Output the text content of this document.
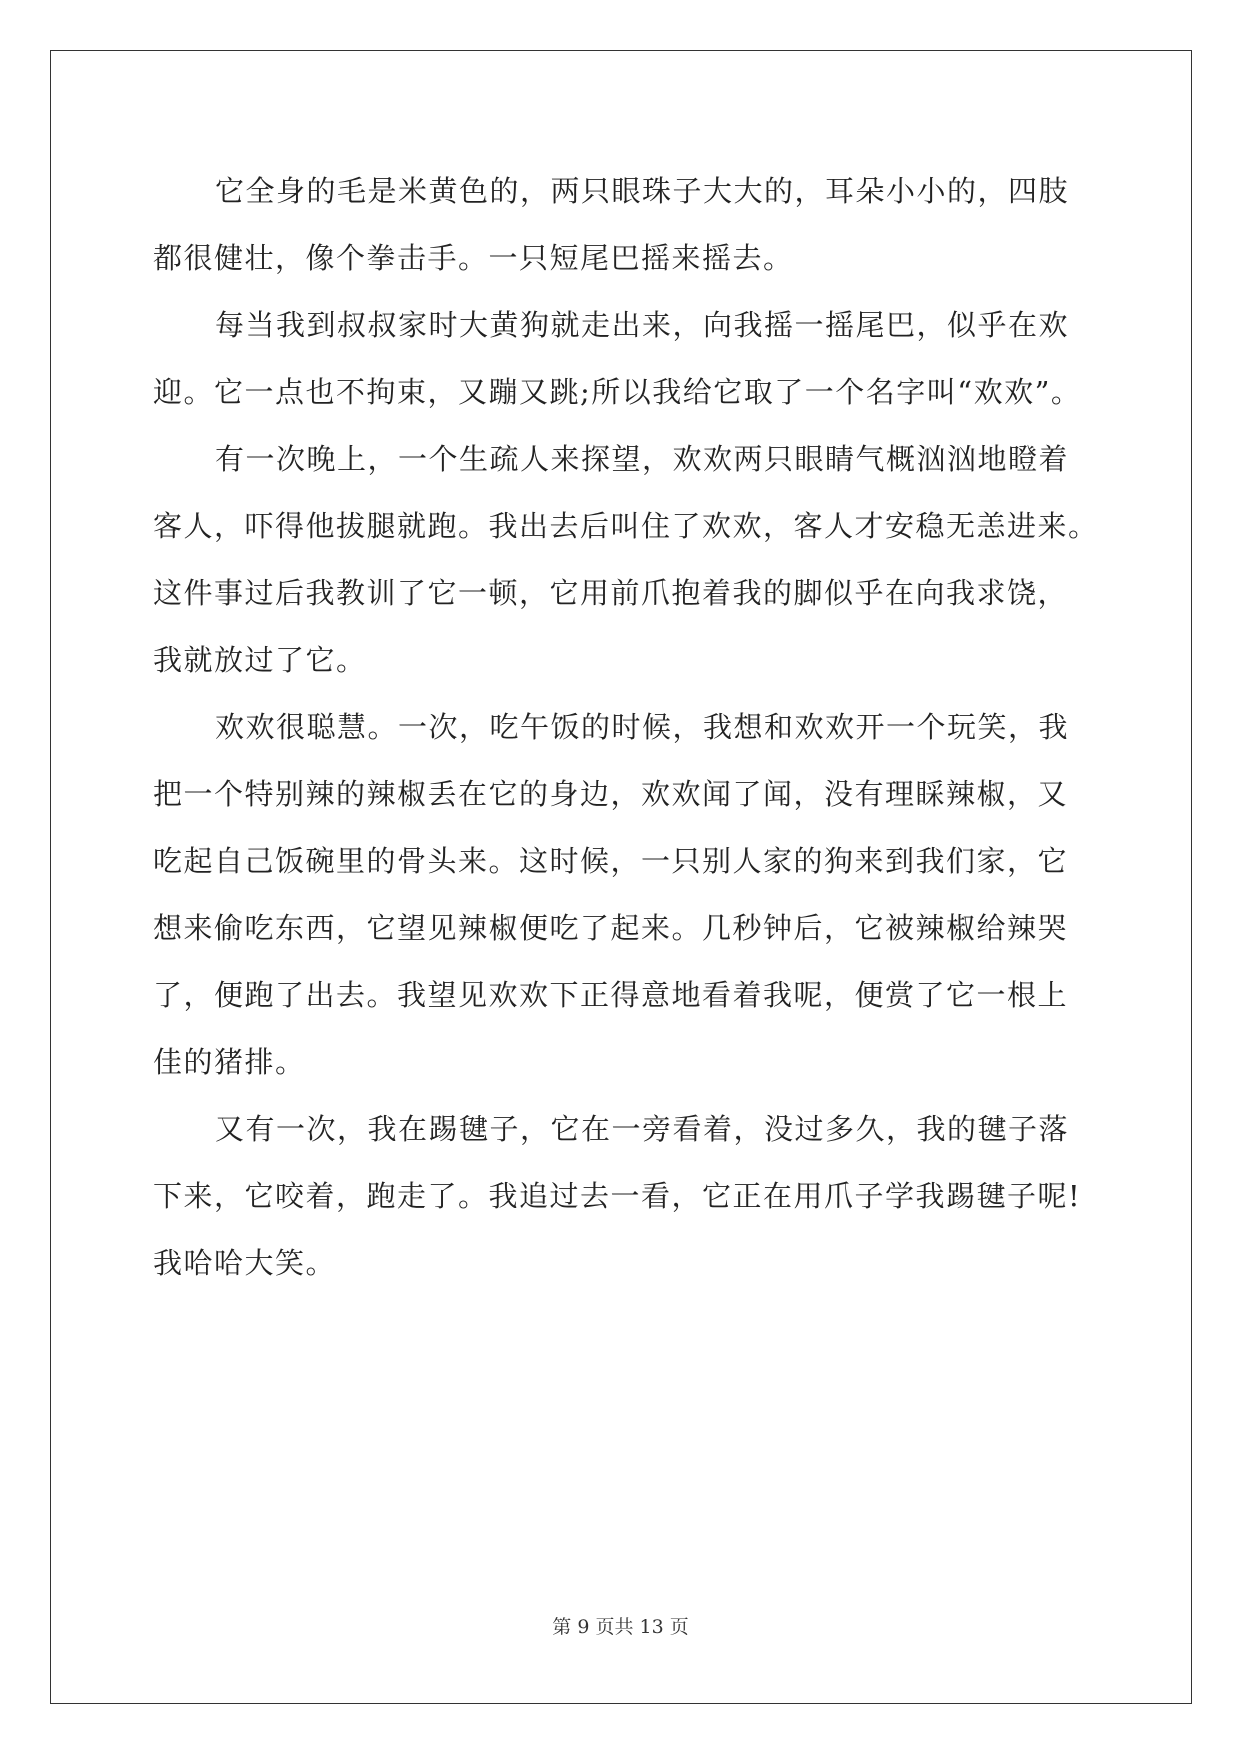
它全身的毛是米黄色的，两只眼珠子大大的，耳朵小小的，四肢
都很健壮，像个拳击手。一只短尾巴摇来摇去。
每当我到叔叔家时大黄狗就走出来，向我摇一摇尾巴，似乎在欢
迎。它一点也不拘束，又蹦又跳;所以我给它取了一个名字叫“欢欢”。
有一次晚上，一个生疏人来探望，欢欢两只眼睛气概汹汹地瞪着
客人，吓得他拔腿就跑。我出去后叫住了欢欢，客人才安稳无恙进来。
这件事过后我教训了它一顿，它用前爪抱着我的脚似乎在向我求饶，
我就放过了它。
欢欢很聪慧。一次，吃午饭的时候，我想和欢欢开一个玩笑，我
把一个特别辣的辣椒丢在它的身边，欢欢闻了闻，没有理睬辣椒，又
吃起自己饭碗里的骨头来。这时候，一只别人家的狗来到我们家，它
想来偷吃东西，它望见辣椒便吃了起来。几秒钟后，它被辣椒给辣哭
了，便跑了出去。我望见欢欢下正得意地看着我呢，便赏了它一根上
佳的猪排。
又有一次，我在踢毽子，它在一旁看着，没过多久，我的毽子落
下来，它咬着，跑走了。我追过去一看，它正在用爪子学我踢毽子呢!
我哈哈大笑。
第 9 页共 13 页
